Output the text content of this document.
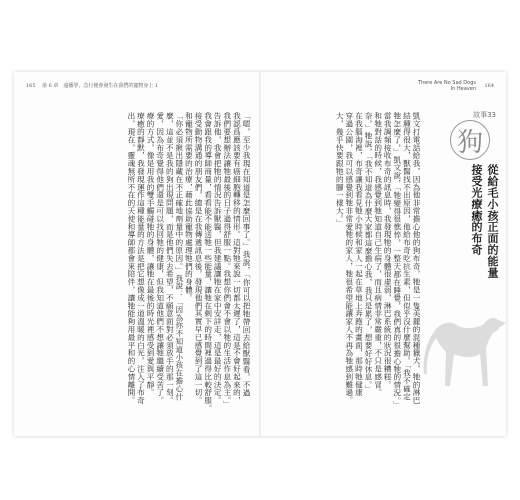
165 第 6 章　遠播學，急行便會發生在我們的寵物身上 1	There Are No Sad Dogs
In Heaven 164
「嗯，至少我現在知道是怎麼回事了。」我說，「你可以把牠帶回去給獸醫看，不過
我認爲應該要有癌細胞轉移的情形。這對牠來說一切都太遲了，這是不會好起來的，
我們要想辦法讓牠最後的日子過得舒服一點。我想你們會不會以牠的生活作息為主。」
告訴他，我會把牠的情況告訴獸醫，但我建議讓牠在家中安詳走，這是最好的決定。
我會跟我的導師商量，看看能不能送牠一些能量，讓牠在剩下的時間裡過得比較舒服。
接受動物溝通的朋友們，總是在我傳遞訊息後，發現他們其實早已感覺到了這一切。
和寵物所需要的治療，藉此協助寵物處理牠們的身體。
「你必須揪出隱藏在不正確地劑量中的原因。」我說：「因為你不知道小孩在擔心什
麼，這並不是我的狗出現問題，而是他們失去希望，不願意面對必須放手的那一刻。
愛，因為布奇覺得他們還是可以找回牠的健康，但我知道他們不想讓牠繼續受苦了。
療的方式，像是用我的雙手觸碰牠的身體，讓牠在最後的時光裡感受到愛與平靜。
療癒的靜默，我發現運作這種能量的方法是把它想像成一道溫暖的白光。注入了布奇
出，現在，靈魂無所不在的天使和導師都會來陪伴，讓牠能夠用最平和的心情離開。	凱文打電話給我，因為他非常擔心他的狗布奇，牠是一隻美麗的混種獵犬，牠的淋巴
結腫得很大，獸醫找不出原因，他給布奇吃抗生素，但似乎沒什麼幫助。「我不確定
牠怎麼了，」凱文說，「牠變得很憔悴，一整天都在睡覺，我們真的很擔心牠的情況。」
當我調頻接收布奇的訊息時，我發現牠的身體很虛弱，淋巴系統的狀況很糟糕。
和牠對話的時候，我感覺到牠知道自己生病了，而且病情非常嚴重，不只是感冒。
奈，」牠說，「我不知道為什麼大家都這麼擔心我，我只是累了，想要好好休息。」
在我腦海裡，布奇讓我看見牠小時候和家人一起在草地上奔跑的畫面，那時牠健康
穿過公園，我可以感覺到牠非常愛牠的家人，牠很希望能讓家人不再為牠感到難過。
大，幾乎快要跟牠的腳一樣大。」	故事33
狗
從給毛小孩正面的能量
接受光療癒的布奇
